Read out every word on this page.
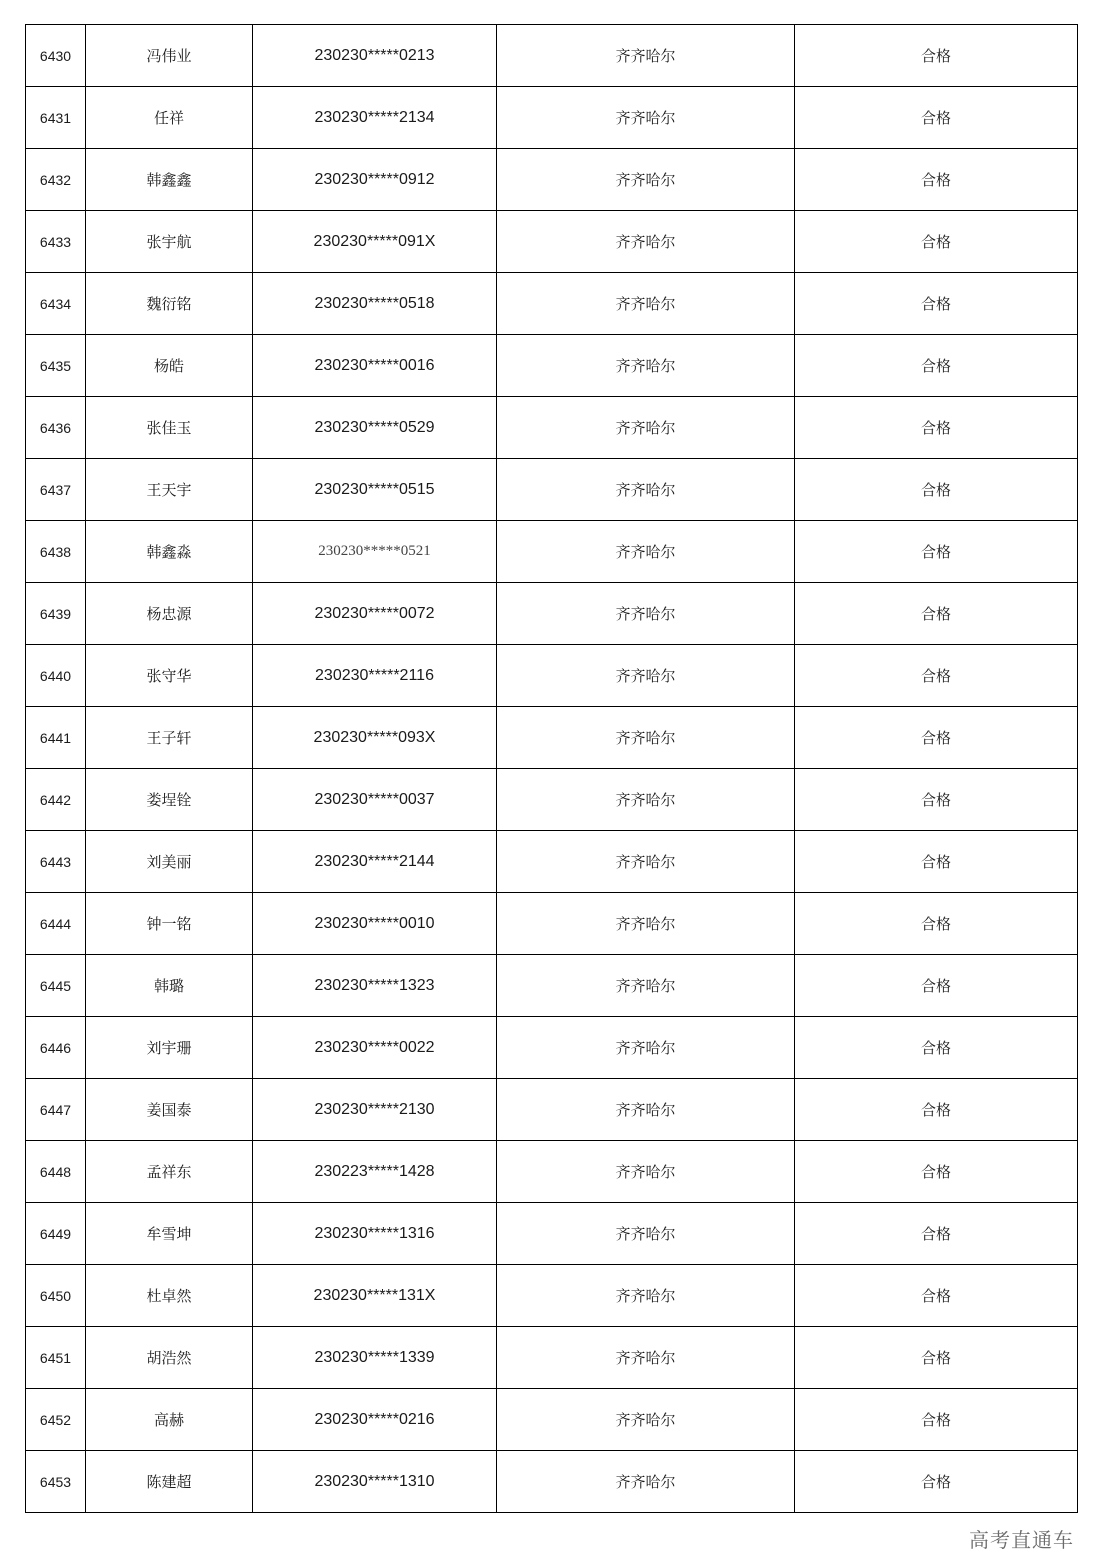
6430	冯伟业	230230*****0213	齐齐哈尔	合格
6431	任祥	230230*****2134	齐齐哈尔	合格
6432	韩鑫鑫	230230*****0912	齐齐哈尔	合格
6433	张宇航	230230*****091X	齐齐哈尔	合格
6434	魏衍铭	230230*****0518	齐齐哈尔	合格
6435	杨皓	230230*****0016	齐齐哈尔	合格
6436	张佳玉	230230*****0529	齐齐哈尔	合格
6437	王天宇	230230*****0515	齐齐哈尔	合格
6438	韩鑫淼	230230*****0521	齐齐哈尔	合格
6439	杨忠源	230230*****0072	齐齐哈尔	合格
6440	张守华	230230*****2116	齐齐哈尔	合格
6441	王子轩	230230*****093X	齐齐哈尔	合格
6442	娄埕铨	230230*****0037	齐齐哈尔	合格
6443	刘美丽	230230*****2144	齐齐哈尔	合格
6444	钟一铭	230230*****0010	齐齐哈尔	合格
6445	韩璐	230230*****1323	齐齐哈尔	合格
6446	刘宇珊	230230*****0022	齐齐哈尔	合格
6447	姜国泰	230230*****2130	齐齐哈尔	合格
6448	孟祥东	230223*****1428	齐齐哈尔	合格
6449	牟雪坤	230230*****1316	齐齐哈尔	合格
6450	杜卓然	230230*****131X	齐齐哈尔	合格
6451	胡浩然	230230*****1339	齐齐哈尔	合格
6452	高赫	230230*****0216	齐齐哈尔	合格
6453	陈建超	230230*****1310	齐齐哈尔	合格
高考直通车
